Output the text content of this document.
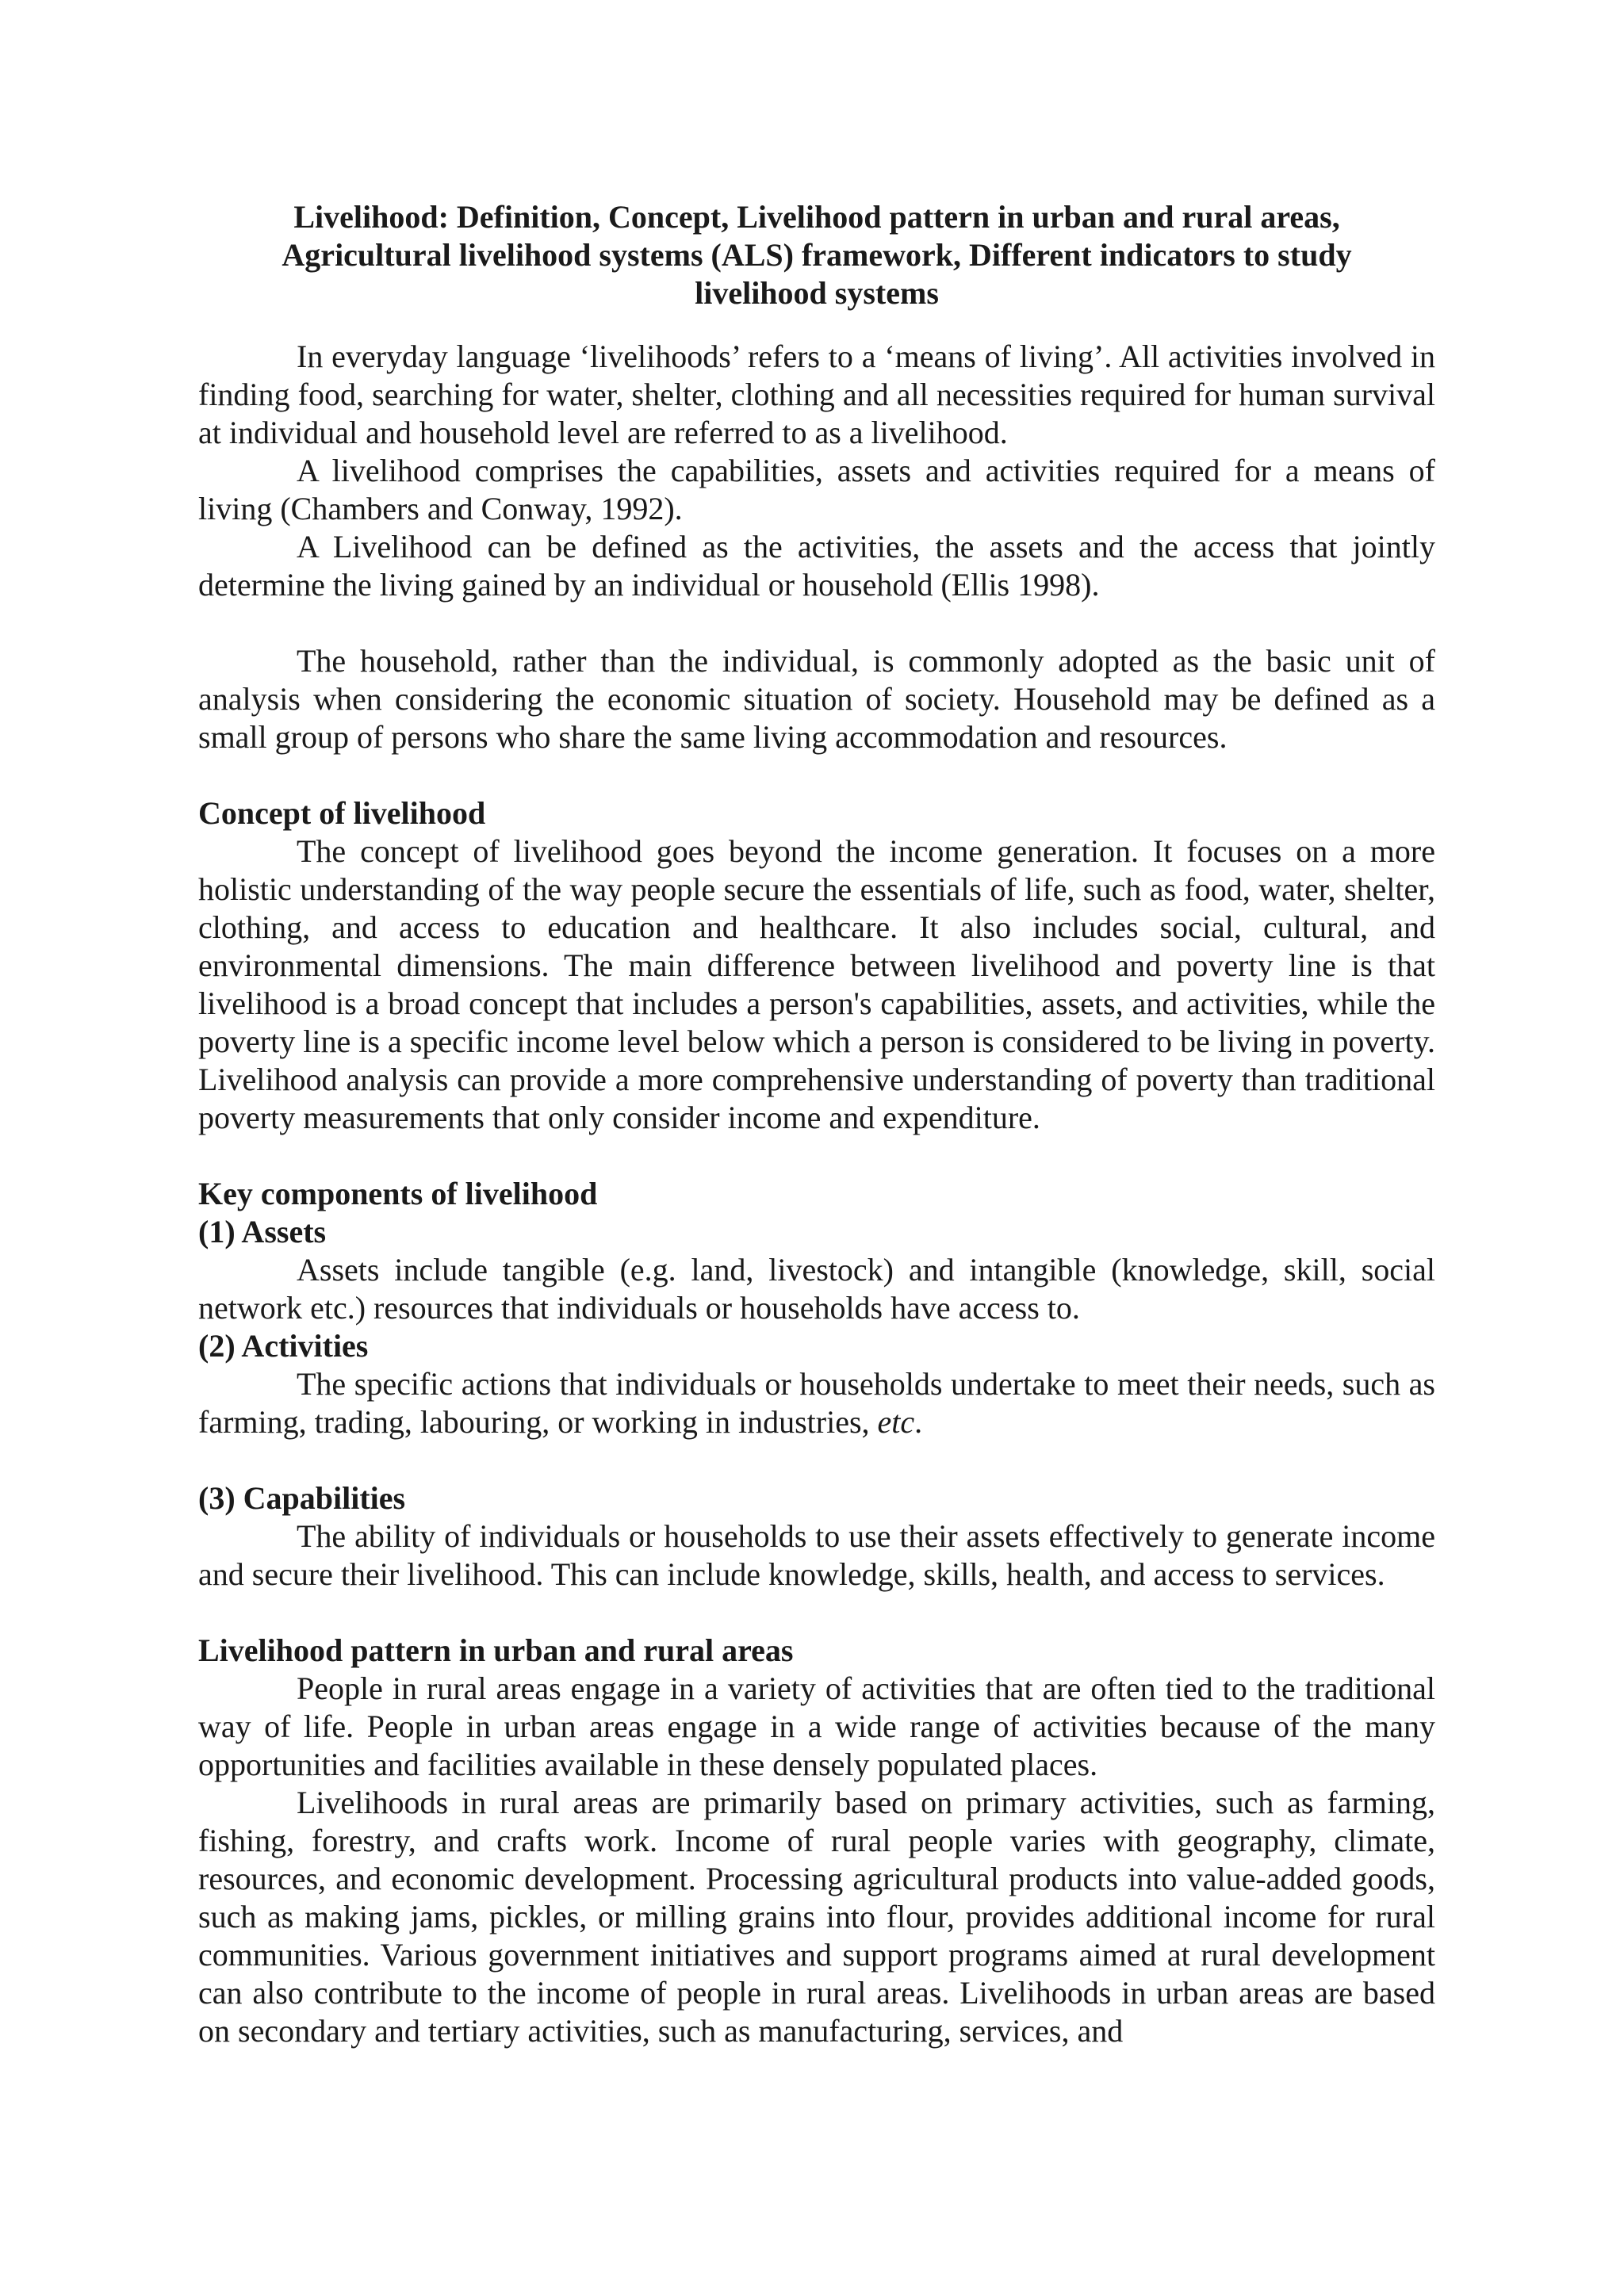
Livelihood: Definition, Concept, Livelihood pattern in urban and rural areas, Agricultural livelihood systems (ALS) framework, Different indicators to study livelihood systems

In everyday language ‘livelihoods’ refers to a ‘means of living’. All activities involved in finding food, searching for water, shelter, clothing and all necessities required for human survival at individual and household level are referred to as a livelihood.

A livelihood comprises the capabilities, assets and activities required for a means of living (Chambers and Conway, 1992).

A Livelihood can be defined as the activities, the assets and the access that jointly determine the living gained by an individual or household (Ellis 1998).

The household, rather than the individual, is commonly adopted as the basic unit of analysis when considering the economic situation of society. Household may be defined as a small group of persons who share the same living accommodation and resources.

Concept of livelihood

The concept of livelihood goes beyond the income generation. It focuses on a more holistic understanding of the way people secure the essentials of life, such as food, water, shelter, clothing, and access to education and healthcare. It also includes social, cultural, and environmental dimensions. The main difference between livelihood and poverty line is that livelihood is a broad concept that includes a person's capabilities, assets, and activities, while the poverty line is a specific income level below which a person is considered to be living in poverty. Livelihood analysis can provide a more comprehensive understanding of poverty than traditional poverty measurements that only consider income and expenditure.

Key components of livelihood
(1) Assets

Assets include tangible (e.g. land, livestock) and intangible (knowledge, skill, social network etc.) resources that individuals or households have access to.

(2) Activities

The specific actions that individuals or households undertake to meet their needs, such as farming, trading, labouring, or working in industries, etc.

(3) Capabilities

The ability of individuals or households to use their assets effectively to generate income and secure their livelihood. This can include knowledge, skills, health, and access to services.

Livelihood pattern in urban and rural areas

People in rural areas engage in a variety of activities that are often tied to the traditional way of life. People in urban areas engage in a wide range of activities because of the many opportunities and facilities available in these densely populated places.

Livelihoods in rural areas are primarily based on primary activities, such as farming, fishing, forestry, and crafts work. Income of rural people varies with geography, climate, resources, and economic development. Processing agricultural products into value-added goods, such as making jams, pickles, or milling grains into flour, provides additional income for rural communities. Various government initiatives and support programs aimed at rural development can also contribute to the income of people in rural areas. Livelihoods in urban areas are based on secondary and tertiary activities, such as manufacturing, services, and
